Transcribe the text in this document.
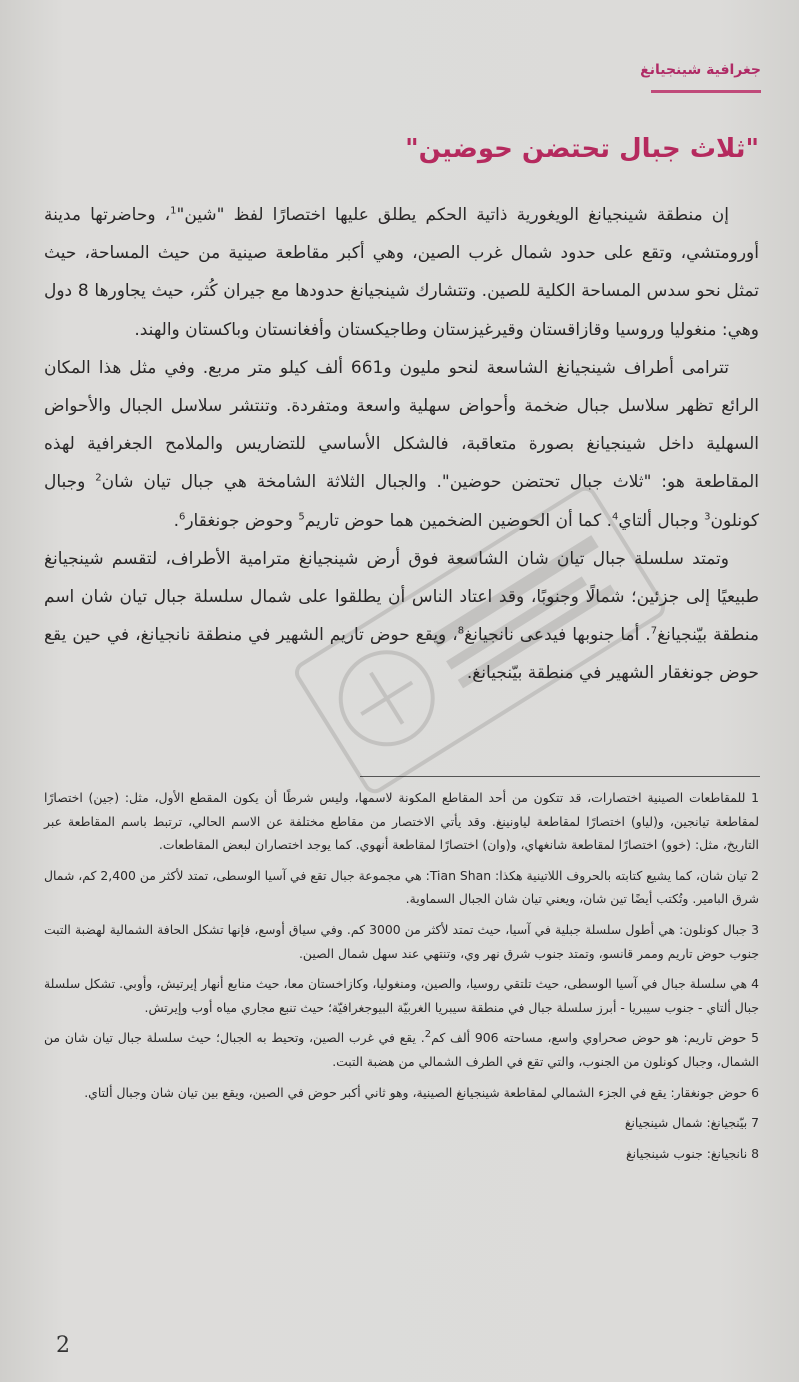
جغرافية شينجيانغ
"ثلاث جبال تحتضن حوضين"

إن منطقة شينجيانغ الويغورية ذاتية الحكم يطلق عليها اختصارًا لفظ "شين"$^1$، وحاضرتها مدينة أورومتشي، وتقع على حدود شمال غرب الصين، وهي أكبر مقاطعة صينية من حيث المساحة، حيث تمثل نحو سدس المساحة الكلية للصين. وتتشارك شينجيانغ حدودها مع جيران كُثر، حيث يجاورها 8 دول وهي: منغوليا وروسيا وقازاقستان وقيرغيزستان وطاجيكستان وأفغانستان وباكستان والهند.

تترامى أطراف شينجيانغ الشاسعة لنحو مليون و661 ألف كيلو متر مربع. وفي مثل هذا المكان الرائع تظهر سلاسل جبال ضخمة وأحواض سهلية واسعة ومتفردة. وتنتشر سلاسل الجبال والأحواض السهلية داخل شينجيانغ بصورة متعاقبة، فالشكل الأساسي للتضاريس والملامح الجغرافية لهذه المقاطعة هو: "ثلاث جبال تحتضن حوضين". والجبال الثلاثة الشامخة هي جبال تيان شان$^2$ وجبال كونلون$^3$ وجبال ألتاي$^4$. كما أن الحوضين الضخمين هما حوض تاريم$^5$ وحوض جونغقار$^6$.

وتمتد سلسلة جبال تيان شان الشاسعة فوق أرض شينجيانغ مترامية الأطراف، لتقسم شينجيانغ طبيعيًا إلى جزئين؛ شمالًا وجنوبًا، وقد اعتاد الناس أن يطلقوا على شمال سلسلة جبال تيان شان اسم منطقة بيّنجيانغ$^7$. أما جنوبها فيدعى نانجيانغ$^8$، ويقع حوض تاريم الشهير في منطقة نانجيانغ، في حين يقع حوض جونغقار الشهير في منطقة بيّنجيانغ.

1 للمقاطعات الصينية اختصارات، قد تتكون من أحد المقاطع المكونة لاسمها، وليس شرطًا أن يكون المقطع الأول، مثل: (جين) اختصارًا لمقاطعة تيانجين، و(لياو) اختصارًا لمقاطعة لياونينغ. وقد يأتي الاختصار من مقاطع مختلفة عن الاسم الحالي، ترتبط باسم المقاطعة عبر التاريخ، مثل: (خوو) اختصارًا لمقاطعة شانغهاي، و(وان) اختصارًا لمقاطعة أنهوي. كما يوجد اختصاران لبعض المقاطعات.

2 تيان شان، كما يشيع كتابته بالحروف اللاتينية هكذا: Tian Shan: هي مجموعة جبال تقع في آسيا الوسطى، تمتد لأكثر من 2,400 كم، شمال شرق البامير. وتُكتب أيضًا تين شان، ويعني تيان شان الجبال السماوية.

3 جبال كونلون: هي أطول سلسلة جبلية في آسيا، حيث تمتد لأكثر من 3000 كم. وفي سياق أوسع، فإنها تشكل الحافة الشمالية لهضبة التبت جنوب حوض تاريم وممر قانسو، وتمتد جنوب شرق نهر وي، وتنتهي عند سهل شمال الصين.

4 هي سلسلة جبال في آسيا الوسطى، حيث تلتقي روسيا، والصين، ومنغوليا، وكازاخستان معا، حيث منابع أنهار إيرتيش، وأوبي. تشكل سلسلة جبال ألتاي - جنوب سيبريا - أبرز سلسلة جبال في منطقة سيبريا الغربيّة البيوجغرافيّة؛ حيث تنبع مجاري مياه أوب وإيرتش.

5 حوض تاريم: هو حوض صحراوي واسع، مساحته 906 ألف كم$^2$. يقع في غرب الصين، وتحيط به الجبال؛ حيث سلسلة جبال تيان شان من الشمال، وجبال كونلون من الجنوب، والتي تقع في الطرف الشمالي من هضبة التبت.

6 حوض جونغقار: يقع في الجزء الشمالي لمقاطعة شينجيانغ الصينية، وهو ثاني أكبر حوض في الصين، ويقع بين تيان شان وجبال ألتاي.

7 بيّنجيانغ: شمال شينجيانغ

8 نانجيانغ: جنوب شينجيانغ

2
